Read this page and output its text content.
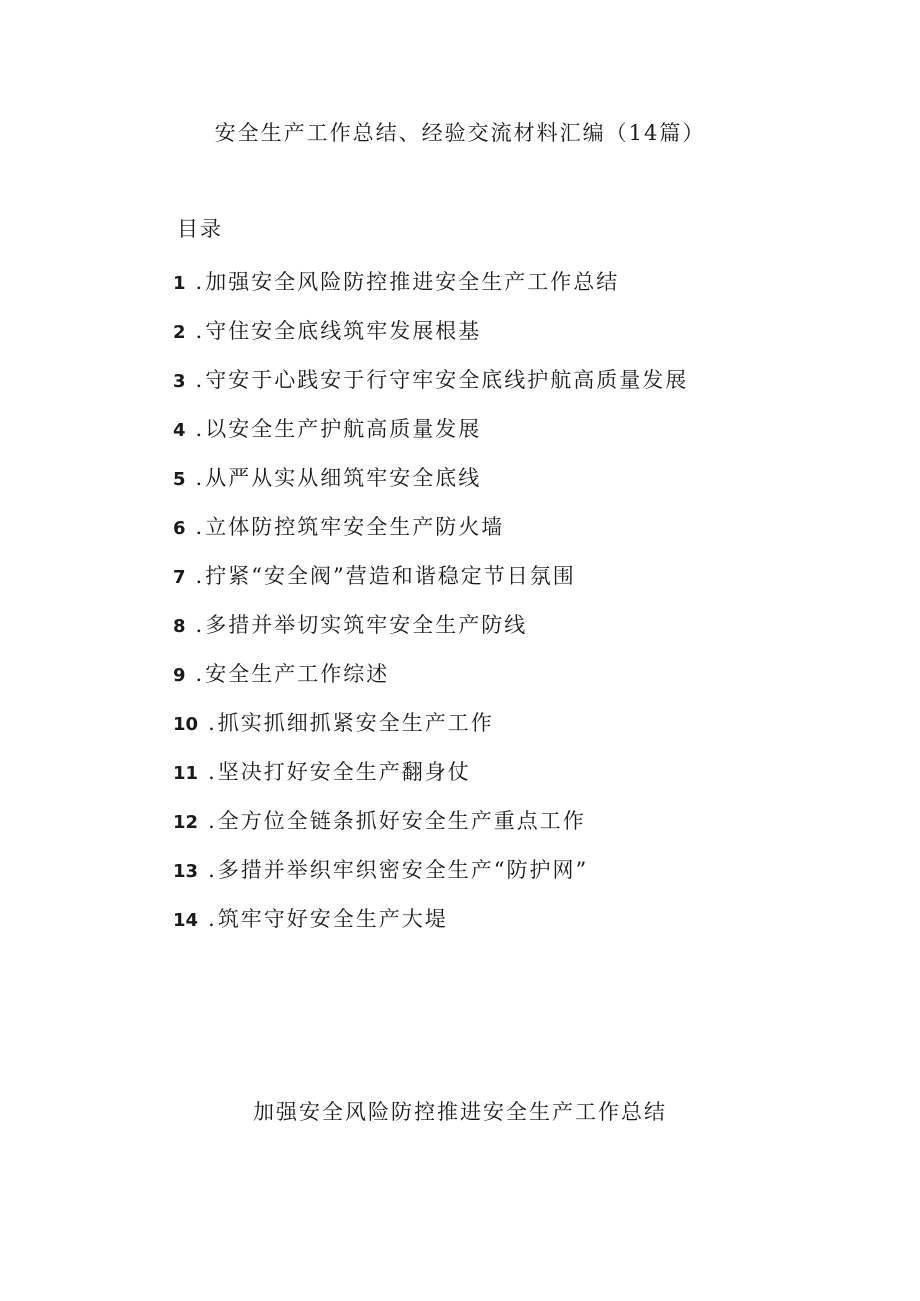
安全生产工作总结、经验交流材料汇编（14篇）
目录
1 . 加强安全风险防控推进安全生产工作总结
2 . 守住安全底线筑牢发展根基
3 . 守安于心践安于行守牢安全底线护航高质量发展
4 . 以安全生产护航高质量发展
5 . 从严从实从细筑牢安全底线
6 . 立体防控筑牢安全生产防火墙
7 . 拧紧“安全阀”营造和谐稳定节日氛围
8 . 多措并举切实筑牢安全生产防线
9 . 安全生产工作综述
10 . 抓实抓细抓紧安全生产工作
11 . 坚决打好安全生产翻身仗
12 . 全方位全链条抓好安全生产重点工作
13 . 多措并举织牢织密安全生产“防护网”
14 . 筑牢守好安全生产大堤
加强安全风险防控推进安全生产工作总结
